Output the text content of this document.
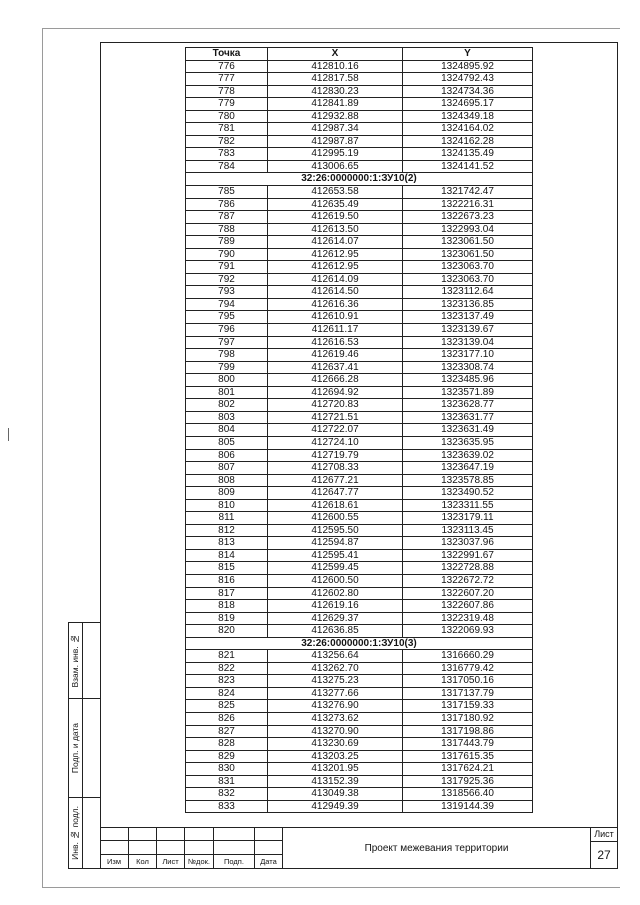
Точка	X	Y
776	412810.16	1324895.92
777	412817.58	1324792.43
778	412830.23	1324734.36
779	412841.89	1324695.17
780	412932.88	1324349.18
781	412987.34	1324164.02
782	412987.87	1324162.28
783	412995.19	1324135.49
784	413006.65	1324141.52
32:26:0000000:1:ЗУ10(2)
785	412653.58	1321742.47
786	412635.49	1322216.31
787	412619.50	1322673.23
788	412613.50	1322993.04
789	412614.07	1323061.50
790	412612.95	1323061.50
791	412612.95	1323063.70
792	412614.09	1323063.70
793	412614.50	1323112.64
794	412616.36	1323136.85
795	412610.91	1323137.49
796	412611.17	1323139.67
797	412616.53	1323139.04
798	412619.46	1323177.10
799	412637.41	1323308.74
800	412666.28	1323485.96
801	412694.92	1323571.89
802	412720.83	1323628.77
803	412721.51	1323631.77
804	412722.07	1323631.49
805	412724.10	1323635.95
806	412719.79	1323639.02
807	412708.33	1323647.19
808	412677.21	1323578.85
809	412647.77	1323490.52
810	412618.61	1323311.55
811	412600.55	1323179.11
812	412595.50	1323113.45
813	412594.87	1323037.96
814	412595.41	1322991.67
815	412599.45	1322728.88
816	412600.50	1322672.72
817	412602.80	1322607.20
818	412619.16	1322607.86
819	412629.37	1322319.48
820	412636.85	1322069.93
32:26:0000000:1:ЗУ10(3)
821	413256.64	1316660.29
822	413262.70	1316779.42
823	413275.23	1317050.16
824	413277.66	1317137.79
825	413276.90	1317159.33
826	413273.62	1317180.92
827	413270.90	1317198.86
828	413230.69	1317443.79
829	413203.25	1317615.35
830	413201.95	1317624.21
831	413152.39	1317925.36
832	413049.38	1318566.40
833	412949.39	1319144.39
Взам. инв. №
Подп. и дата
Инв. № подл.
Изм	Кол	Лист	№док.	Подп.	Дата
Проект межевания территории
Лист
27
